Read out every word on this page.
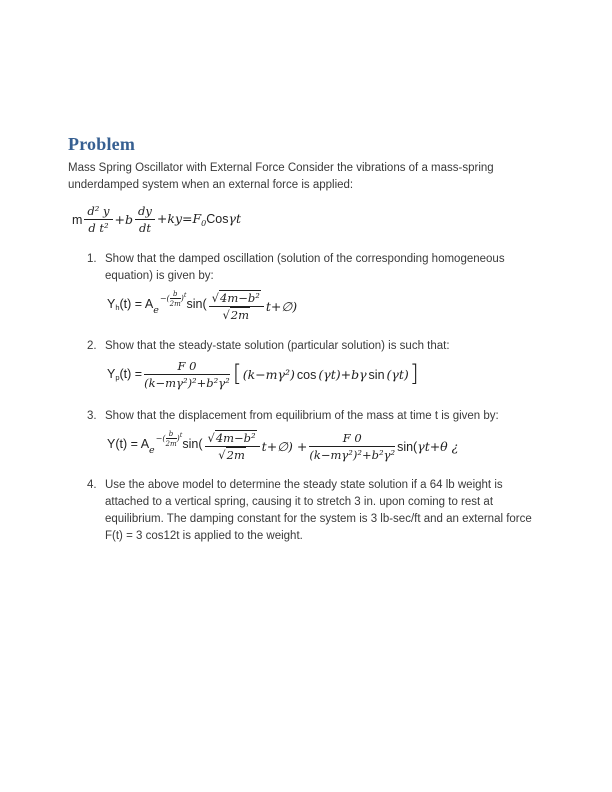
Problem

Mass Spring Oscillator with External Force Consider the vibrations of a mass-spring underdamped system when an external force is applied:

m $\frac{\text{d² y}}{\text{d t²}} +b \frac{dy}{dt} +ky=F_0Cos\gamma t$
1. Show that the damped oscillation (solution of the corresponding homogeneous equation) is given by:

$Y_h(t) = A_e-( \frac{b}{2m} )^t\sin( \frac{\text{√4m−b²}}{√2m}$ t+∅)
2. Show that the steady-state solution (particular solution) is such that:

$Y_p(t) = \frac{F 0}{\text{(k−mγ²)²+b²γ²}}$ [ (k−mγ²) cos (γt)+bγ sin (γt) ]
3. Show that the displacement from equilibrium of the mass at time t is given by:

$Y(t) = A_e-( \frac{b}{2m} )^t\sin( \frac{\text{√4m−b²}}{√2m}$ t+∅) + $\frac{F 0}{\text{(k−mγ²)²+b²γ²}} \sin(\gamma t+\theta$ ¿
4. Use the above model to determine the steady state solution if a 64 lb weight is attached to a vertical spring, causing it to stretch 3 in. upon coming to rest at equilibrium. The damping constant for the system is 3 lb-sec/ft and an external force F(t) = 3 cos12t is applied to the weight.
